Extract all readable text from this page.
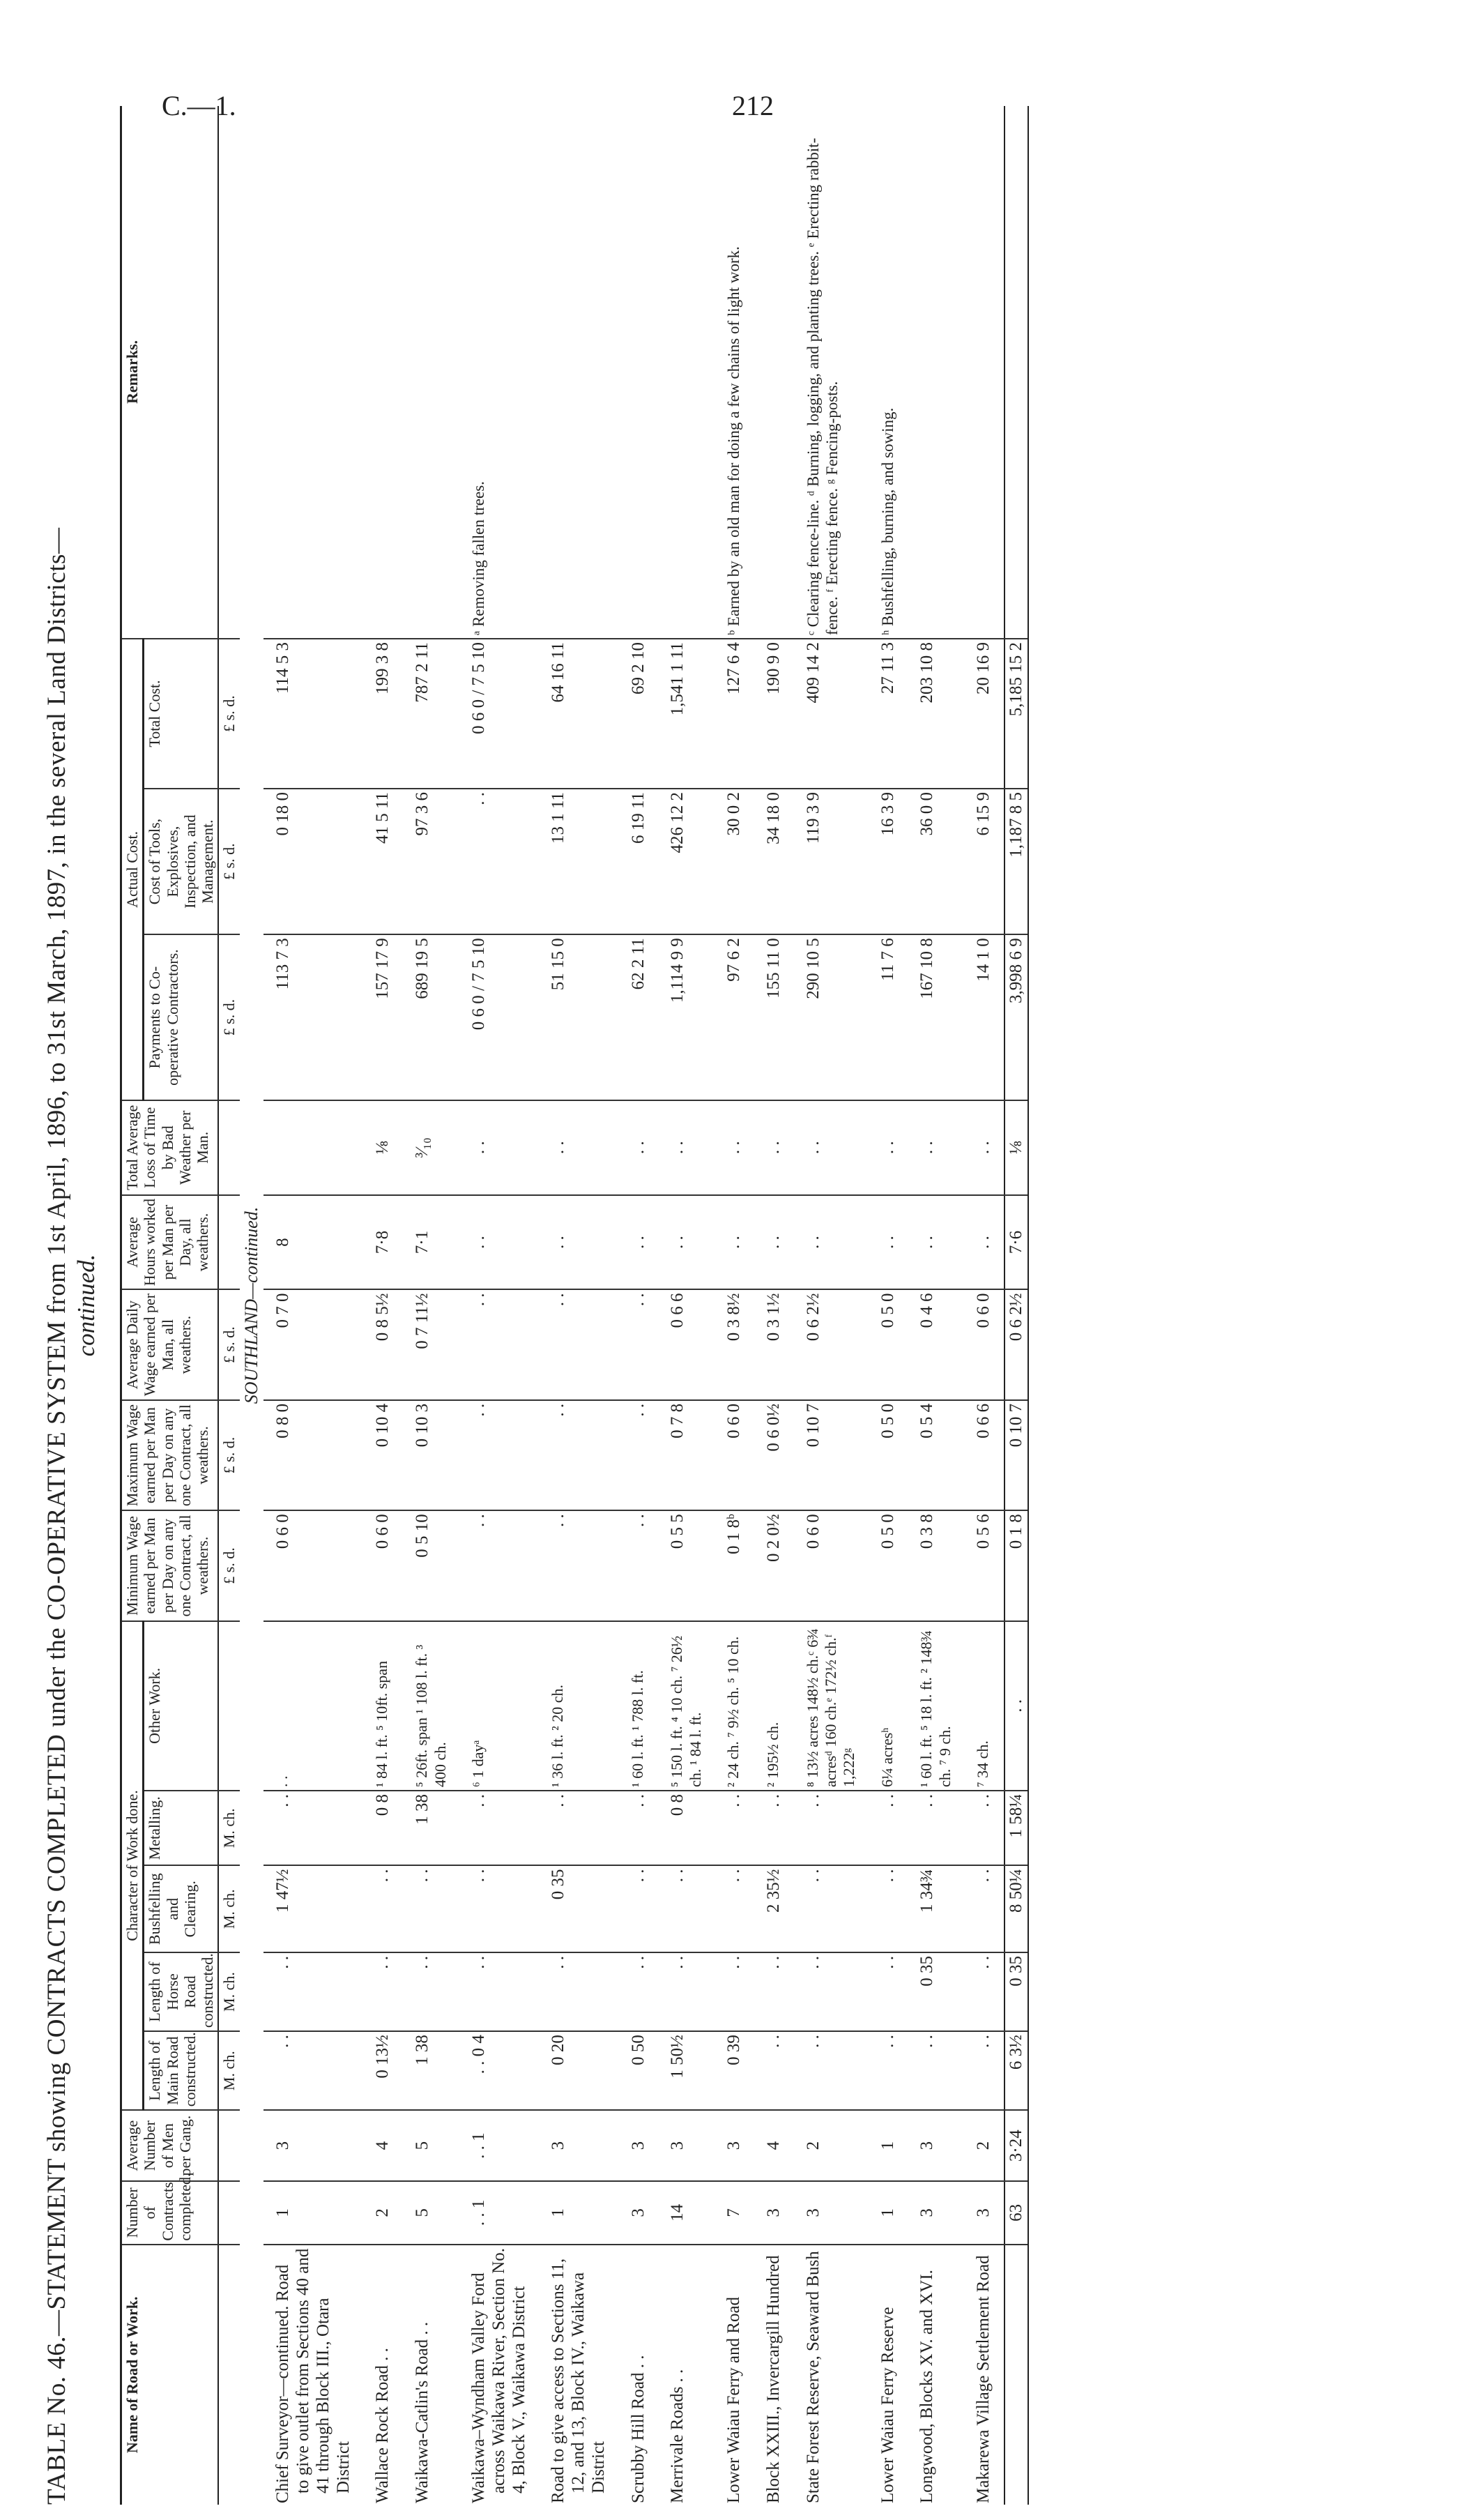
C.—1.	212
TABLE No. 46.—STATEMENT showing CONTRACTS COMPLETED under the CO-OPERATIVE SYSTEM from 1st April, 1896, to 31st March, 1897, in the several Land Districts— continued.
Name of Road or Work.	Number of Contracts completed.	Average Number of Men per Gang.	Character of Work done.					Minimum Wage earned per Man per Day on any one Contract, all weathers.	Maximum Wage earned per Man per Day on any one Contract, all weathers.	Average Daily Wage earned per Man, all weathers.	Average Hours worked per Man per Day, all weathers.	Total Average Loss of Time by Bad Weather per Man.	Actual Cost.			Remarks.
			Length of Main Road constructed.	Length of Horse Road constructed.	Bushfelling and Clearing.	Metalling.	Other Work.						Payments to Co-operative Contractors.	Cost of Tools, Explosives, Inspection, and Management.	Total Cost.	
			M. ch.	M. ch.	M. ch.	M. ch.		£ s. d.	£ s. d.	£ s. d.			£ s. d.	£ s. d.	£ s. d.	
SOUTHLAND—continued.																
Chief Surveyor—continued. Road to give outlet from Sections 40 and 41 through Block III., Otara District	1	3	. .	. .	1 47½	. .	. .	0 6 0	0 8 0	0 7 0	8		113 7 3	0 18 0	114 5 3	
Wallace Rock Road . .	2	4	0 13½	. .	. .	0 8	¹ 84 l. ft. ⁵ 10ft. span	0 6 0	0 10 4	0 8 5½	7·8	⅛	157 17 9	41 5 11	199 3 8	
Waikawa-Catlin's Road . .	5	5	1 38	. .	. .	1 38	⁵ 26ft. span ¹ 108 l. ft. ³ 400 ch.	0 5 10	0 10 3	0 7 11½	7·1	³⁄₁₀	689 19 5	97 3 6	787 2 11	
Waikawa–Wyndham Valley Ford across Waikawa River, Section No. 4, Block V., Waikawa District	. . 1	. . 1	. . 0 4	. .	. .	. .	⁶ 1 dayᵃ	. .	. .	. .	. .	. .	0 6 0 / 7 5 10	. .	0 6 0 / 7 5 10	ᵃ Removing fallen trees.
Road to give access to Sections 11, 12, and 13, Block IV., Waikawa District	1	3	0 20	. .	0 35	. .	¹ 36 l. ft. ² 20 ch.	. .	. .	. .	. .	. .	51 15 0	13 1 11	64 16 11	
Scrubby Hill Road . .	3	3	0 50	. .	. .	. .	¹ 60 l. ft. ¹ 788 l. ft.	. .	. .	. .	. .	. .	62 2 11	6 19 11	69 2 10	
Merrivale Roads . .	14	3	1 50½	. .	. .	0 8	⁵ 150 l. ft. ⁴ 10 ch. ⁷ 26½ ch. ¹ 84 l. ft.	0 5 5	0 7 8	0 6 6	. .	. .	1,114 9 9	426 12 2	1,541 1 11	
Lower Waiau Ferry and Road	7	3	0 39	. .	. .	. .	² 24 ch. ⁷ 9½ ch. ⁵ 10 ch.	0 1 8ᵇ	0 6 0	0 3 8½	. .	. .	97 6 2	30 0 2	127 6 4	ᵇ Earned by an old man for doing a few chains of light work.
Block XXIII., Invercargill Hundred	3	4	. .	. .	2 35½	. .	² 195½ ch.	0 2 0½	0 6 0½	0 3 1½	. .	. .	155 11 0	34 18 0	190 9 0	
State Forest Reserve, Seaward Bush	3	2	. .	. .	. .	. .	⁸ 13½ acres 148½ ch.ᶜ 6¾ acresᵈ 160 ch.ᵉ 172½ ch.ᶠ 1,222ᵍ	0 6 0	0 10 7	0 6 2½	. .	. .	290 10 5	119 3 9	409 14 2	ᶜ Clearing fence-line. ᵈ Burning, logging, and planting trees. ᵉ Erecting rabbit-fence. ᶠ Erecting fence. ᵍ Fencing-posts.
Lower Waiau Ferry Reserve	1	1	. .	. .	. .	. .	6¼ acresʰ	0 5 0	0 5 0	0 5 0	. .	. .	11 7 6	16 3 9	27 11 3	ʰ Bushfelling, burning, and sowing.
Longwood, Blocks XV. and XVI.	3	3	. .	0 35	1 34¾	. .	¹ 60 l. ft. ⁵ 18 l. ft. ² 148¾ ch. ⁷ 9 ch.	0 3 8	0 5 4	0 4 6	. .	. .	167 10 8	36 0 0	203 10 8	
Makarewa Village Settlement Road	3	2	. .	. .	. .	. .	⁷ 34 ch.	0 5 6	0 6 6	0 6 0	. .	. .	14 1 0	6 15 9	20 16 9	
	63	3·24	6 3½	0 35	8 50¼	1 58¼	. .	0 1 8	0 10 7	0 6 2½	7·6	⅛	3,998 6 9	1,187 8 5	5,185 15 2	
